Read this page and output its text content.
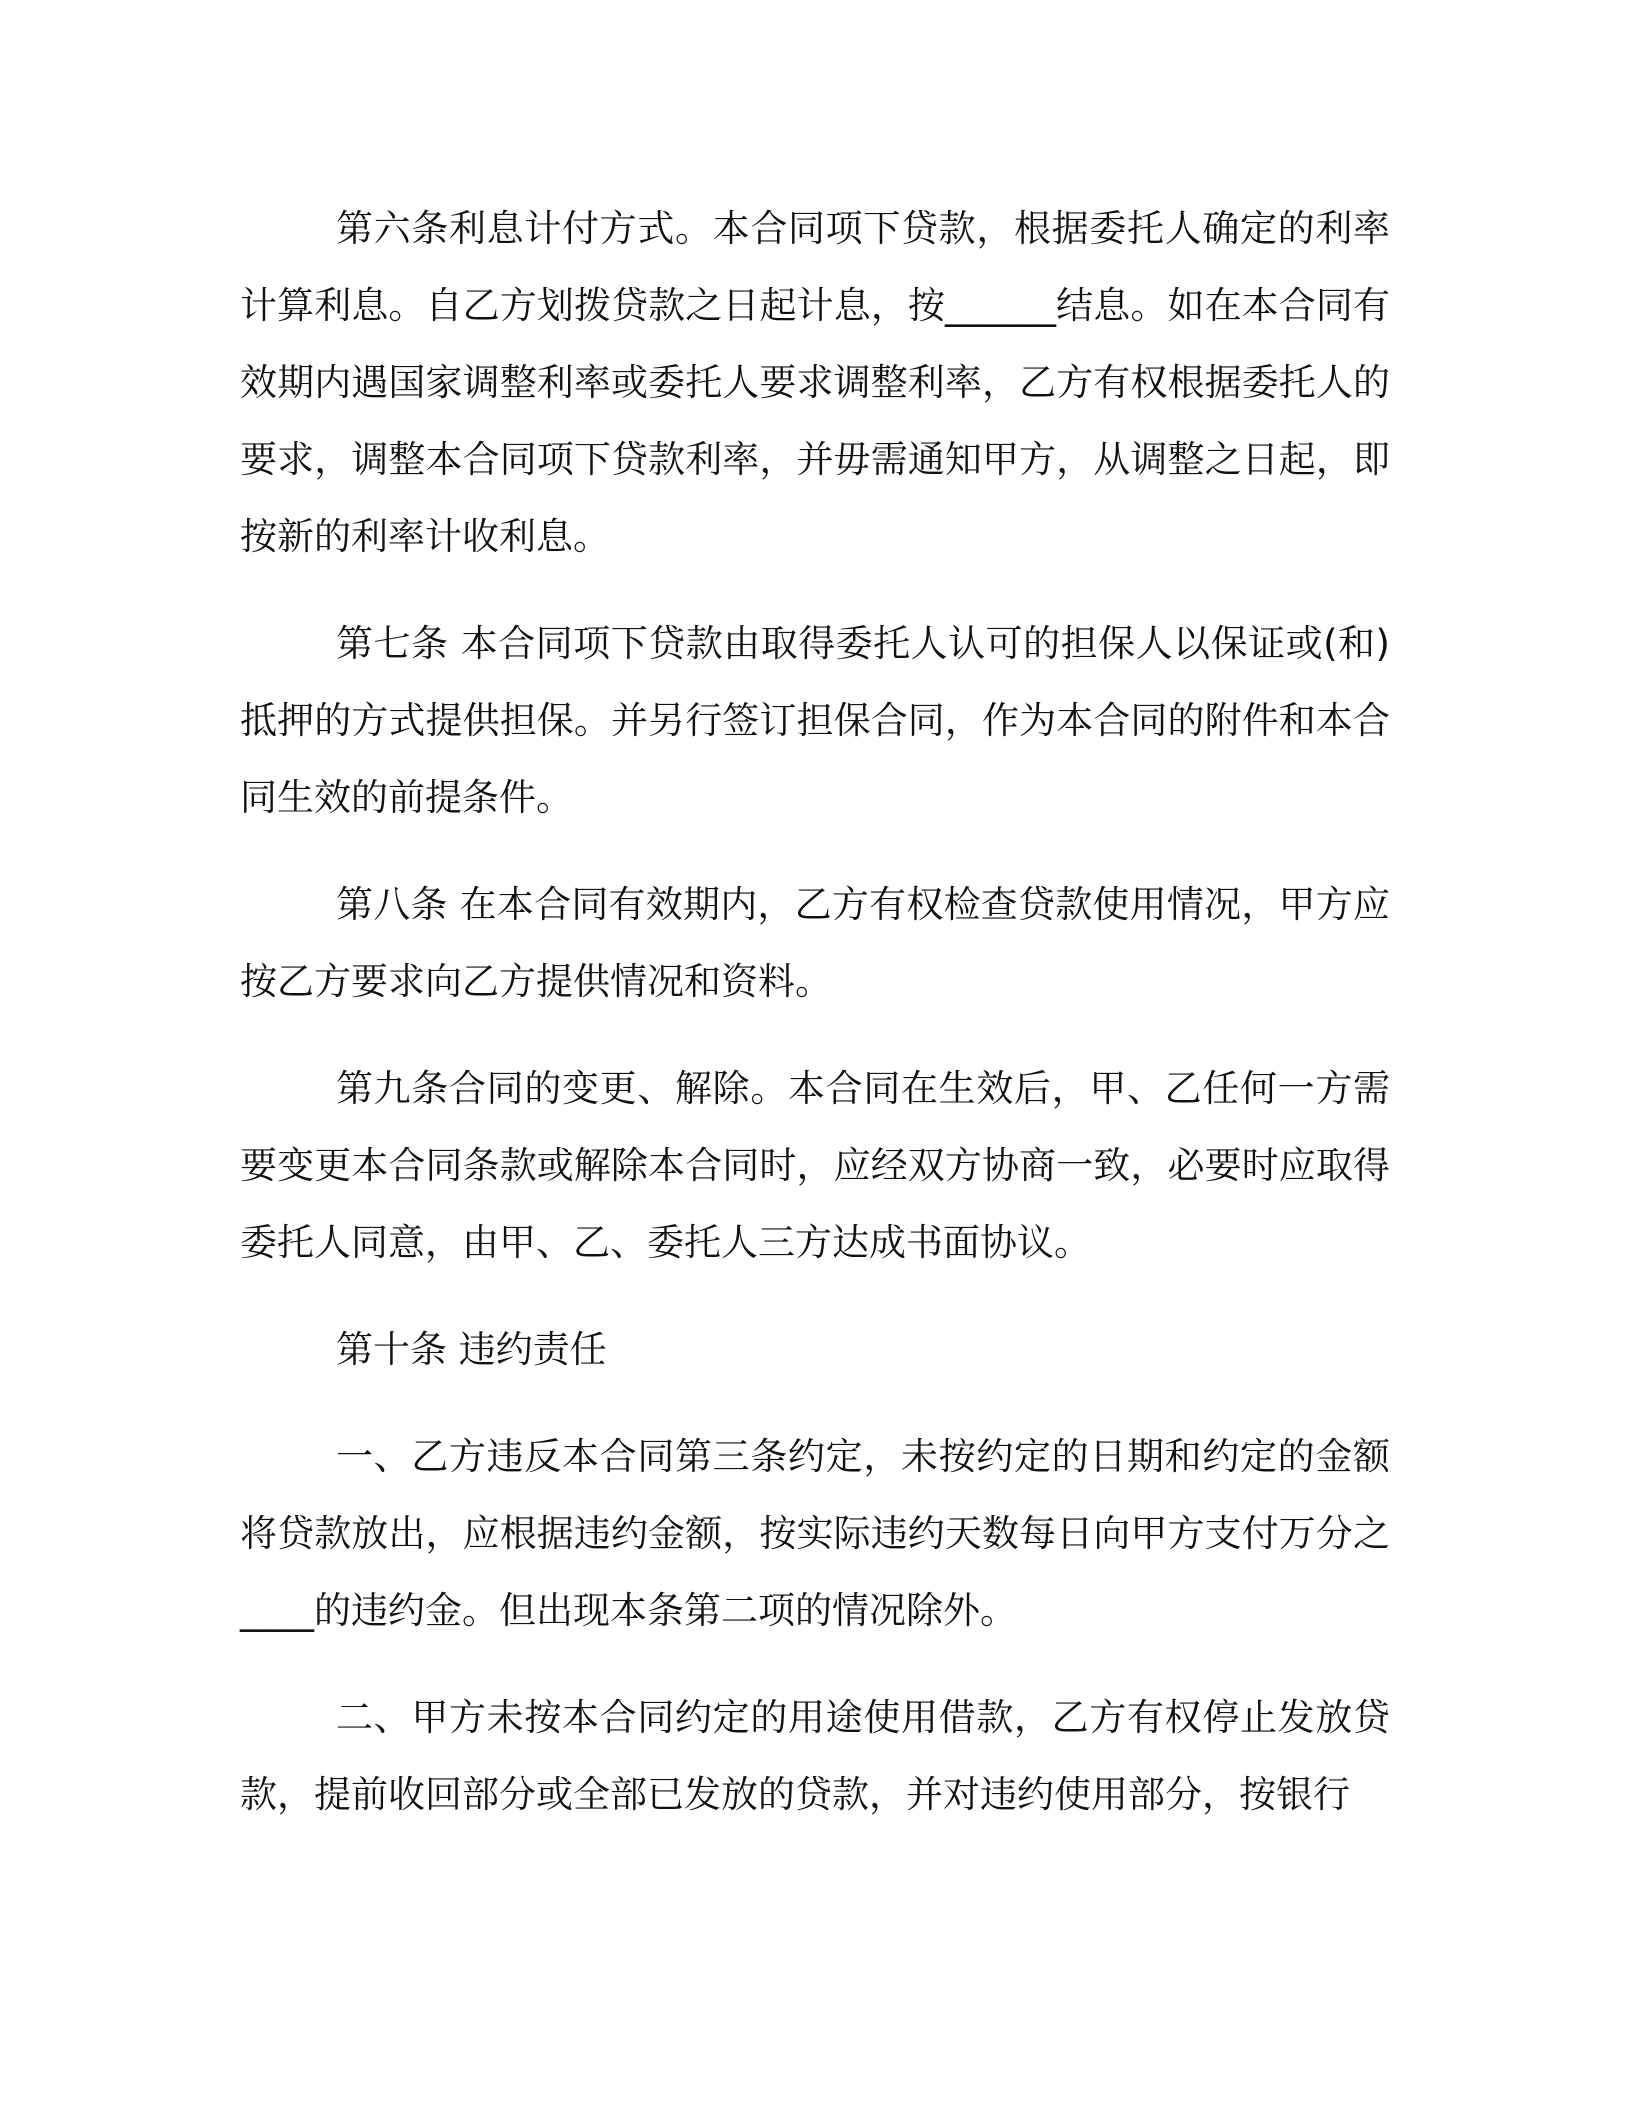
第六条利息计付方式。本合同项下贷款，根据委托人确定的利率计算利息。自乙方划拨贷款之日起计息，按______结息。如在本合同有效期内遇国家调整利率或委托人要求调整利率，乙方有权根据委托人的要求，调整本合同项下贷款利率，并毋需通知甲方，从调整之日起，即按新的利率计收利息。

第七条 本合同项下贷款由取得委托人认可的担保人以保证或(和)抵押的方式提供担保。并另行签订担保合同，作为本合同的附件和本合同生效的前提条件。

第八条 在本合同有效期内，乙方有权检查贷款使用情况，甲方应按乙方要求向乙方提供情况和资料。

第九条合同的变更、解除。本合同在生效后，甲、乙任何一方需要变更本合同条款或解除本合同时，应经双方协商一致，必要时应取得委托人同意，由甲、乙、委托人三方达成书面协议。

第十条 违约责任

一、乙方违反本合同第三条约定，未按约定的日期和约定的金额将贷款放出，应根据违约金额，按实际违约天数每日向甲方支付万分之____的违约金。但出现本条第二项的情况除外。

二、甲方未按本合同约定的用途使用借款，乙方有权停止发放贷款，提前收回部分或全部已发放的贷款，并对违约使用部分，按银行
